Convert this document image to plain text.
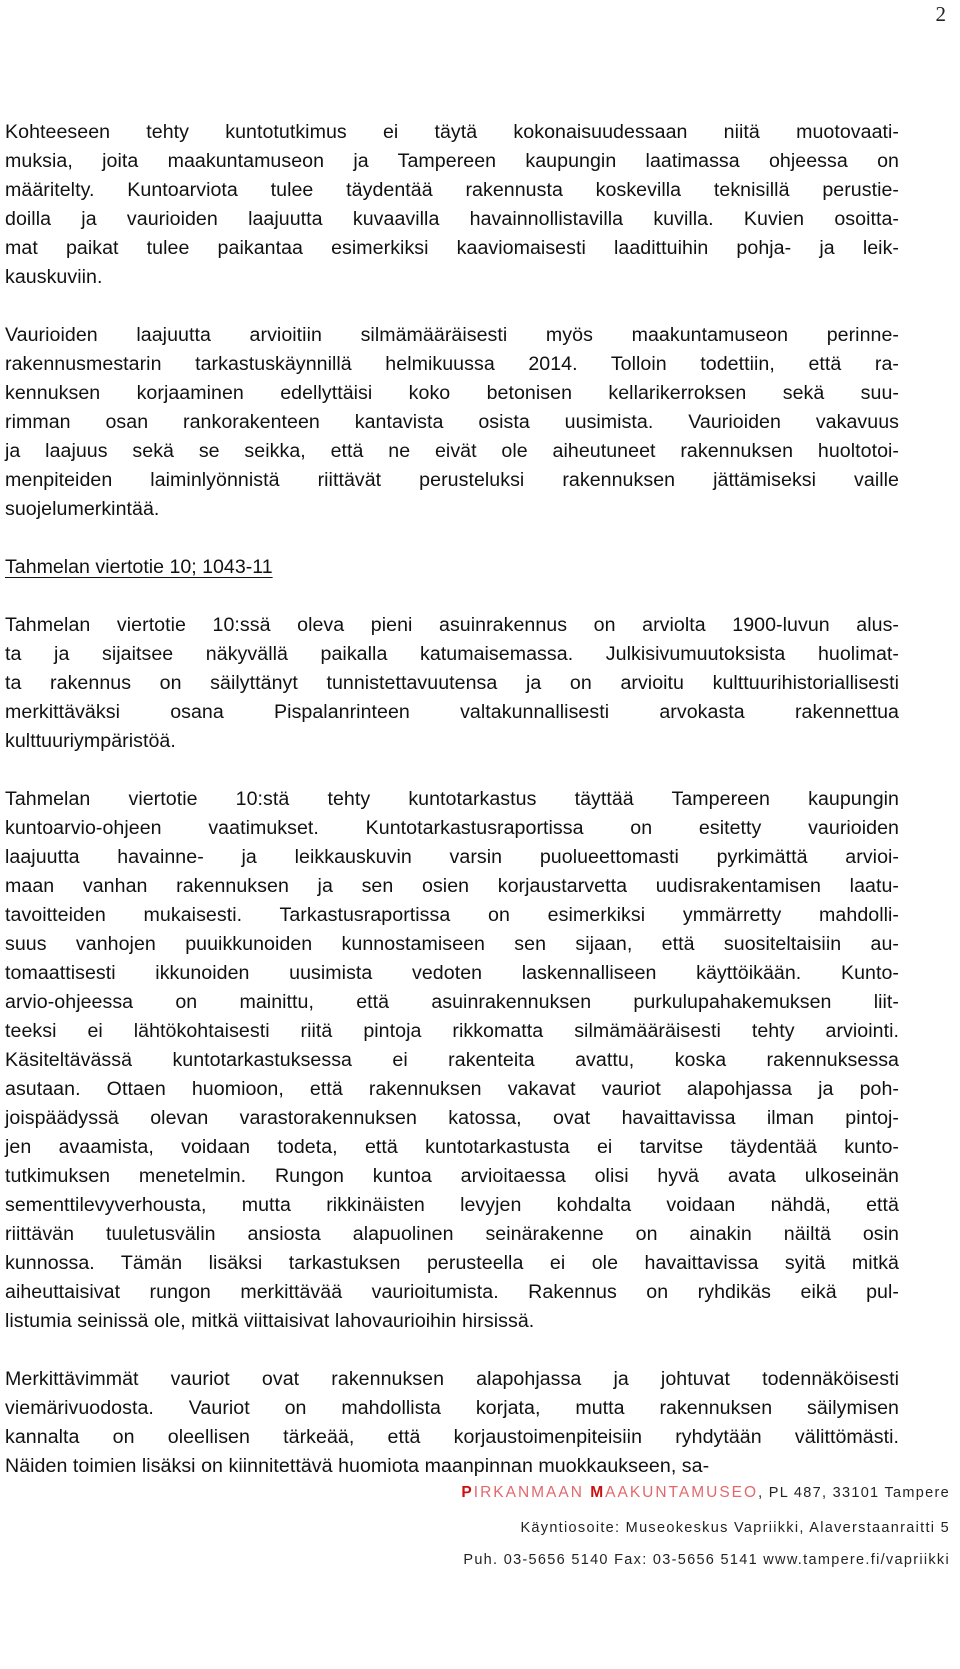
2
Kohteeseen tehty kuntotutkimus ei täytä kokonaisuudessaan niitä muotovaati-
muksia, joita maakuntamuseon ja Tampereen kaupungin laatimassa ohjeessa on
määritelty. Kuntoarviota tulee täydentää rakennusta koskevilla teknisillä perustie-
doilla ja vaurioiden laajuutta kuvaavilla havainnollistavilla kuvilla. Kuvien osoitta-
mat paikat tulee paikantaa esimerkiksi kaaviomaisesti laadittuihin pohja- ja leik-
kauskuviin.
Vaurioiden laajuutta arvioitiin silmämääräisesti myös maakuntamuseon perinne-
rakennusmestarin tarkastuskäynnillä helmikuussa 2014. Tolloin todettiin, että ra-
kennuksen korjaaminen edellyttäisi koko betonisen kellarikerroksen sekä suu-
rimman osan rankorakenteen kantavista osista uusimista. Vaurioiden vakavuus
ja laajuus sekä se seikka, että ne eivät ole aiheutuneet rakennuksen huoltotoi-
menpiteiden laiminlyönnistä riittävät perusteluksi rakennuksen jättämiseksi vaille
suojelumerkintää.
Tahmelan viertotie 10; 1043-11
Tahmelan viertotie 10:ssä oleva pieni asuinrakennus on arviolta 1900-luvun alus-
ta ja sijaitsee näkyvällä paikalla katumaisemassa. Julkisivumuutoksista huolimat-
ta rakennus on säilyttänyt tunnistettavuutensa ja on arvioitu kulttuurihistoriallisesti
merkittäväksi osana Pispalanrinteen valtakunnallisesti arvokasta rakennettua
kulttuuriympäristöä.
Tahmelan viertotie 10:stä tehty kuntotarkastus täyttää Tampereen kaupungin
kuntoarvio-ohjeen vaatimukset. Kuntotarkastusraportissa on esitetty vaurioiden
laajuutta havainne- ja leikkauskuvin varsin puolueettomasti pyrkimättä arvioi-
maan vanhan rakennuksen ja sen osien korjaustarvetta uudisrakentamisen laatu-
tavoitteiden mukaisesti. Tarkastusraportissa on esimerkiksi ymmärretty mahdolli-
suus vanhojen puuikkunoiden kunnostamiseen sen sijaan, että suositeltaisiin au-
tomaattisesti ikkunoiden uusimista vedoten laskennalliseen käyttöikään. Kunto-
arvio-ohjeessa on mainittu, että asuinrakennuksen purkulupahakemuksen liit-
teeksi ei lähtökohtaisesti riitä pintoja rikkomatta silmämääräisesti tehty arviointi.
Käsiteltävässä kuntotarkastuksessa ei rakenteita avattu, koska rakennuksessa
asutaan. Ottaen huomioon, että rakennuksen vakavat vauriot alapohjassa ja poh-
joispäädyssä olevan varastorakennuksen katossa, ovat havaittavissa ilman pintoj-
jen avaamista, voidaan todeta, että kuntotarkastusta ei tarvitse täydentää kunto-
tutkimuksen menetelmin. Rungon kuntoa arvioitaessa olisi hyvä avata ulkoseinän
sementtilevyverhousta, mutta rikkinäisten levyjen kohdalta voidaan nähdä, että
riittävän tuuletusvälin ansiosta alapuolinen seinärakenne on ainakin näiltä osin
kunnossa. Tämän lisäksi tarkastuksen perusteella ei ole havaittavissa syitä mitkä
aiheuttaisivat rungon merkittävää vaurioitumista. Rakennus on ryhdikäs eikä pul-
listumia seinissä ole, mitkä viittaisivat lahovaurioihin hirsissä.
Merkittävimmät vauriot ovat rakennuksen alapohjassa ja johtuvat todennäköisesti
viemärivuodosta. Vauriot on mahdollista korjata, mutta rakennuksen säilymisen
kannalta on oleellisen tärkeää, että korjaustoimenpiteisiin ryhdytään välittömästi.
Näiden toimien lisäksi on kiinnitettävä huomiota maanpinnan muokkaukseen, sa-
PIRKANMAAN MAAKUNTAMUSEO, PL 487, 33101 Tampere
Käyntiosoite: Museokeskus Vapriikki, Alaverstaanraitti 5
Puh. 03-5656 5140 Fax: 03-5656 5141 www.tampere.fi/vapriikki
